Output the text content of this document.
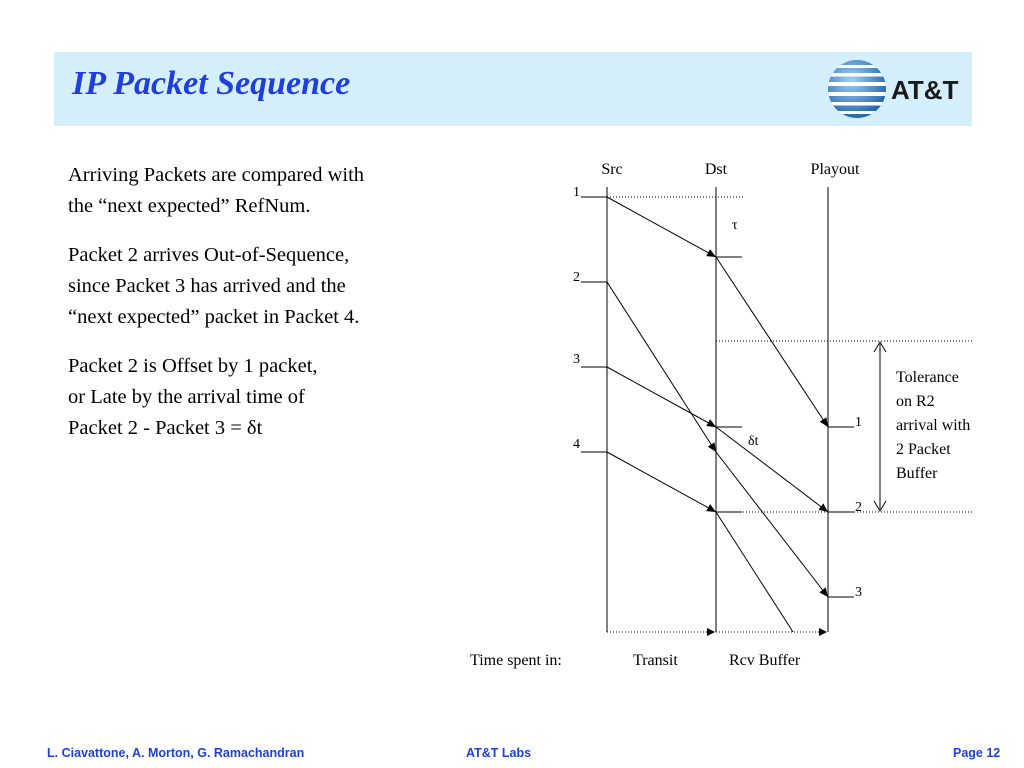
IP Packet Sequence	AT&T

Arriving Packets are compared with
the “next expected” RefNum.

Packet 2 arrives Out-of-Sequence,
since Packet 3 has arrived and the
“next expected” packet in Packet 4.

Packet 2 is Offset by 1 packet,
or Late by the arrival time of
Packet 2 - Packet 3 = δt

Src	Dst	Playout
1
2
3
4
τ
δt
1
2
3
Tolerance
on R2
arrival with
2 Packet
Buffer
Time spent in:	Transit	Rcv Buffer
L. Ciavattone, A. Morton, G. Ramachandran	AT&T Labs	Page 12
